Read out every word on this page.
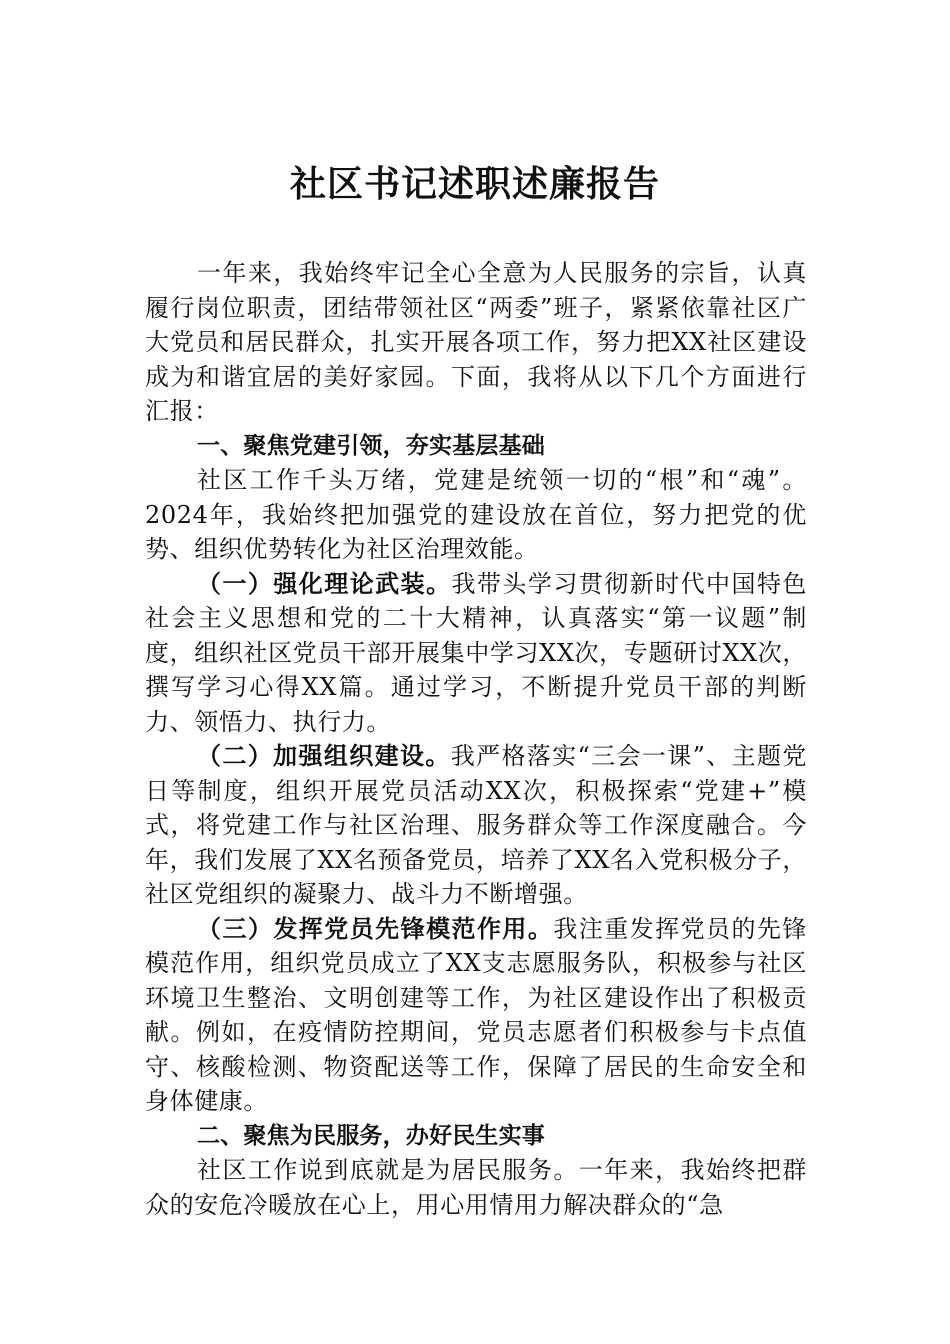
社区书记述职述廉报告

一年来，我始终牢记全心全意为人民服务的宗旨，认真履行岗位职责，团结带领社区“两委”班子，紧紧依靠社区广大党员和居民群众，扎实开展各项工作，努力把XX社区建设成为和谐宜居的美好家园。下面，我将从以下几个方面进行汇报：

一、聚焦党建引领，夯实基层基础

社区工作千头万绪，党建是统领一切的“根”和“魂”。2024年，我始终把加强党的建设放在首位，努力把党的优势、组织优势转化为社区治理效能。

（一）强化理论武装。我带头学习贯彻新时代中国特色社会主义思想和党的二十大精神，认真落实“第一议题”制度，组织社区党员干部开展集中学习XX次，专题研讨XX次，撰写学习心得XX篇。通过学习，不断提升党员干部的判断力、领悟力、执行力。

（二）加强组织建设。我严格落实“三会一课”、主题党日等制度，组织开展党员活动XX次，积极探索“党建+”模式，将党建工作与社区治理、服务群众等工作深度融合。今年，我们发展了XX名预备党员，培养了XX名入党积极分子，社区党组织的凝聚力、战斗力不断增强。

（三）发挥党员先锋模范作用。我注重发挥党员的先锋模范作用，组织党员成立了XX支志愿服务队，积极参与社区环境卫生整治、文明创建等工作，为社区建设作出了积极贡献。例如，在疫情防控期间，党员志愿者们积极参与卡点值守、核酸检测、物资配送等工作，保障了居民的生命安全和身体健康。

二、聚焦为民服务，办好民生实事

社区工作说到底就是为居民服务。一年来，我始终把群众的安危冷暖放在心上，用心用情用力解决群众的“急
